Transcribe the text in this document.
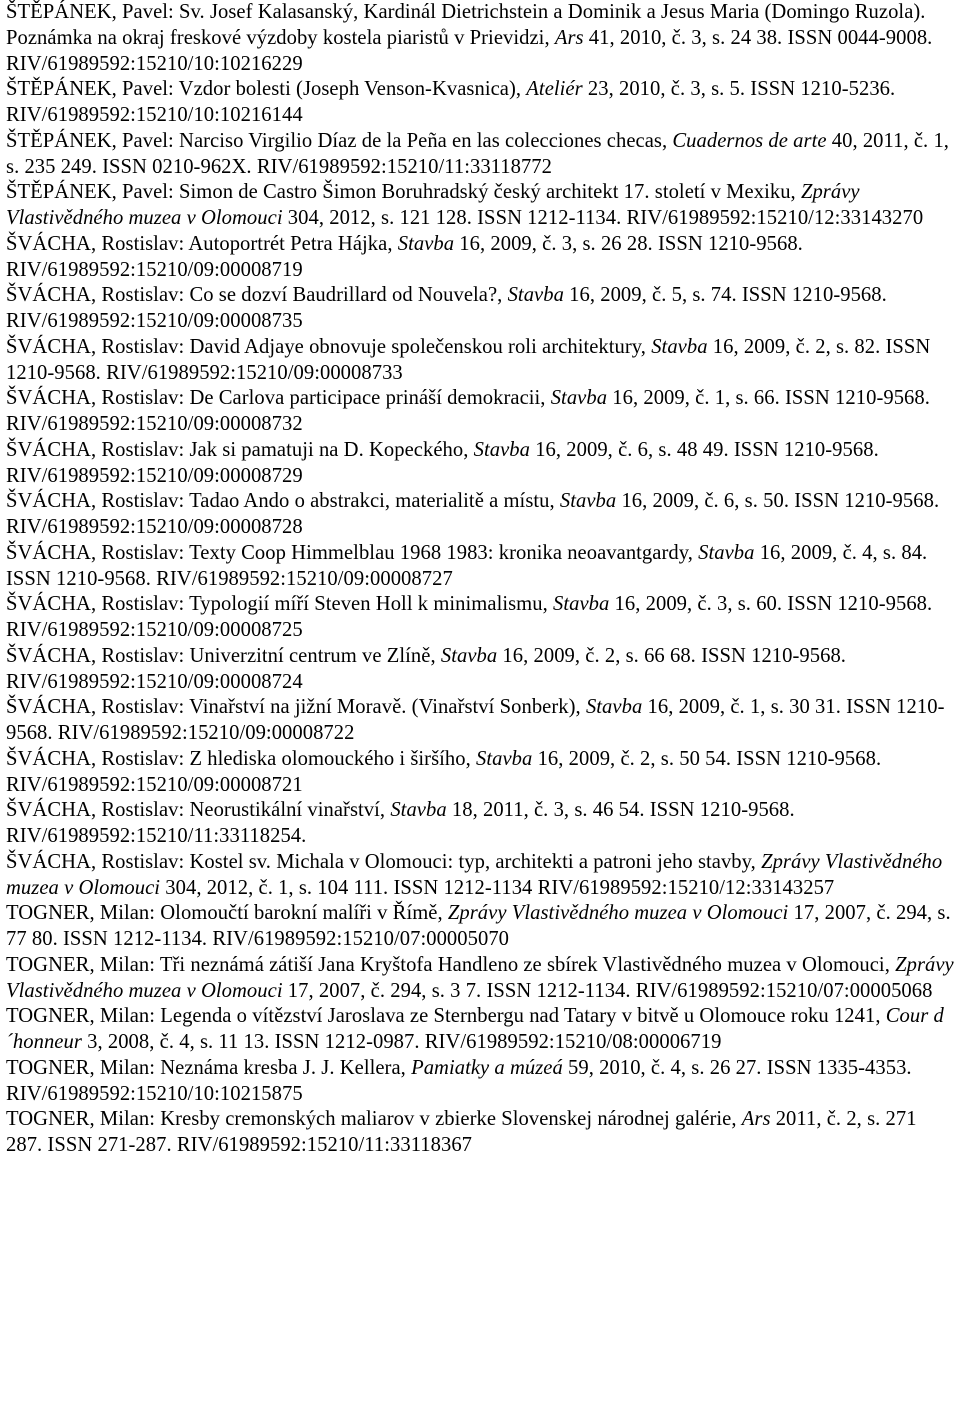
ŠTĚPÁNEK, Pavel: Sv. Josef Kalasanský, Kardinál Dietrichstein a Dominik a Jesus Maria (Domingo Ruzola). Poznámka na okraj freskové výzdoby kostela piaristů v Prievidzi, Ars 41, 2010, č. 3, s. 24 38. ISSN 0044-9008. RIV/61989592:15210/10:10216229

ŠTĚPÁNEK, Pavel: Vzdor bolesti (Joseph Venson-Kvasnica), Ateliér 23, 2010, č. 3, s. 5. ISSN 1210-5236. RIV/61989592:15210/10:10216144

ŠTĚPÁNEK, Pavel: Narciso Virgilio Díaz de la Peña en las colecciones checas, Cuadernos de arte 40, 2011, č. 1, s. 235 249. ISSN 0210-962X. RIV/61989592:15210/11:33118772

ŠTĚPÁNEK, Pavel: Simon de Castro Šimon Boruhradský český architekt 17. století v Mexiku, Zprávy Vlastivědného muzea v Olomouci 304, 2012, s. 121 128. ISSN 1212-1134. RIV/61989592:15210/12:33143270

ŠVÁCHA, Rostislav: Autoportrét Petra Hájka, Stavba 16, 2009, č. 3, s. 26 28. ISSN 1210-9568. RIV/61989592:15210/09:00008719

ŠVÁCHA, Rostislav: Co se dozví Baudrillard od Nouvela?, Stavba 16, 2009, č. 5, s. 74. ISSN 1210-9568. RIV/61989592:15210/09:00008735

ŠVÁCHA, Rostislav: David Adjaye obnovuje společenskou roli architektury, Stavba 16, 2009, č. 2, s. 82. ISSN 1210-9568. RIV/61989592:15210/09:00008733

ŠVÁCHA, Rostislav: De Carlova participace prináší demokracii, Stavba 16, 2009, č. 1, s. 66. ISSN 1210-9568. RIV/61989592:15210/09:00008732

ŠVÁCHA, Rostislav: Jak si pamatuji na D. Kopeckého, Stavba 16, 2009, č. 6, s. 48 49. ISSN 1210-9568. RIV/61989592:15210/09:00008729

ŠVÁCHA, Rostislav: Tadao Ando o abstrakci, materialitě a místu, Stavba 16, 2009, č. 6, s. 50. ISSN 1210-9568. RIV/61989592:15210/09:00008728

ŠVÁCHA, Rostislav: Texty Coop Himmelblau 1968 1983: kronika neoavantgardy, Stavba 16, 2009, č. 4, s. 84. ISSN 1210-9568. RIV/61989592:15210/09:00008727

ŠVÁCHA, Rostislav: Typologií míří Steven Holl k minimalismu, Stavba 16, 2009, č. 3, s. 60. ISSN 1210-9568. RIV/61989592:15210/09:00008725

ŠVÁCHA, Rostislav: Univerzitní centrum ve Zlíně, Stavba 16, 2009, č. 2, s. 66 68. ISSN 1210-9568. RIV/61989592:15210/09:00008724

ŠVÁCHA, Rostislav: Vinařství na jižní Moravě. (Vinařství Sonberk), Stavba 16, 2009, č. 1, s. 30 31. ISSN 1210-9568. RIV/61989592:15210/09:00008722

ŠVÁCHA, Rostislav: Z hlediska olomouckého i širšího, Stavba 16, 2009, č. 2, s. 50 54. ISSN 1210-9568. RIV/61989592:15210/09:00008721

ŠVÁCHA, Rostislav: Neorustikální vinařství, Stavba 18, 2011, č. 3, s. 46 54. ISSN 1210-9568. RIV/61989592:15210/11:33118254.

ŠVÁCHA, Rostislav: Kostel sv. Michala v Olomouci: typ, architekti a patroni jeho stavby, Zprávy Vlastivědného muzea v Olomouci 304, 2012, č. 1, s. 104 111. ISSN 1212-1134 RIV/61989592:15210/12:33143257

TOGNER, Milan: Olomoučtí barokní malíři v Římě, Zprávy Vlastivědného muzea v Olomouci 17, 2007, č. 294, s. 77 80. ISSN 1212-1134. RIV/61989592:15210/07:00005070

TOGNER, Milan: Tři neznámá zátiší Jana Kryštofa Handleno ze sbírek Vlastivědného muzea v Olomouci, Zprávy Vlastivědného muzea v Olomouci 17, 2007, č. 294, s. 3 7. ISSN 1212-1134. RIV/61989592:15210/07:00005068

TOGNER, Milan: Legenda o vítězství Jaroslava ze Sternbergu nad Tatary v bitvě u Olomouce roku 1241, Cour d´honneur 3, 2008, č. 4, s. 11 13. ISSN 1212-0987. RIV/61989592:15210/08:00006719

TOGNER, Milan: Neznáma kresba J. J. Kellera, Pamiatky a múzeá 59, 2010, č. 4, s. 26 27. ISSN 1335-4353. RIV/61989592:15210/10:10215875

TOGNER, Milan: Kresby cremonských maliarov v zbierke Slovenskej národnej galérie, Ars 2011, č. 2, s. 271 287. ISSN 271-287. RIV/61989592:15210/11:33118367
